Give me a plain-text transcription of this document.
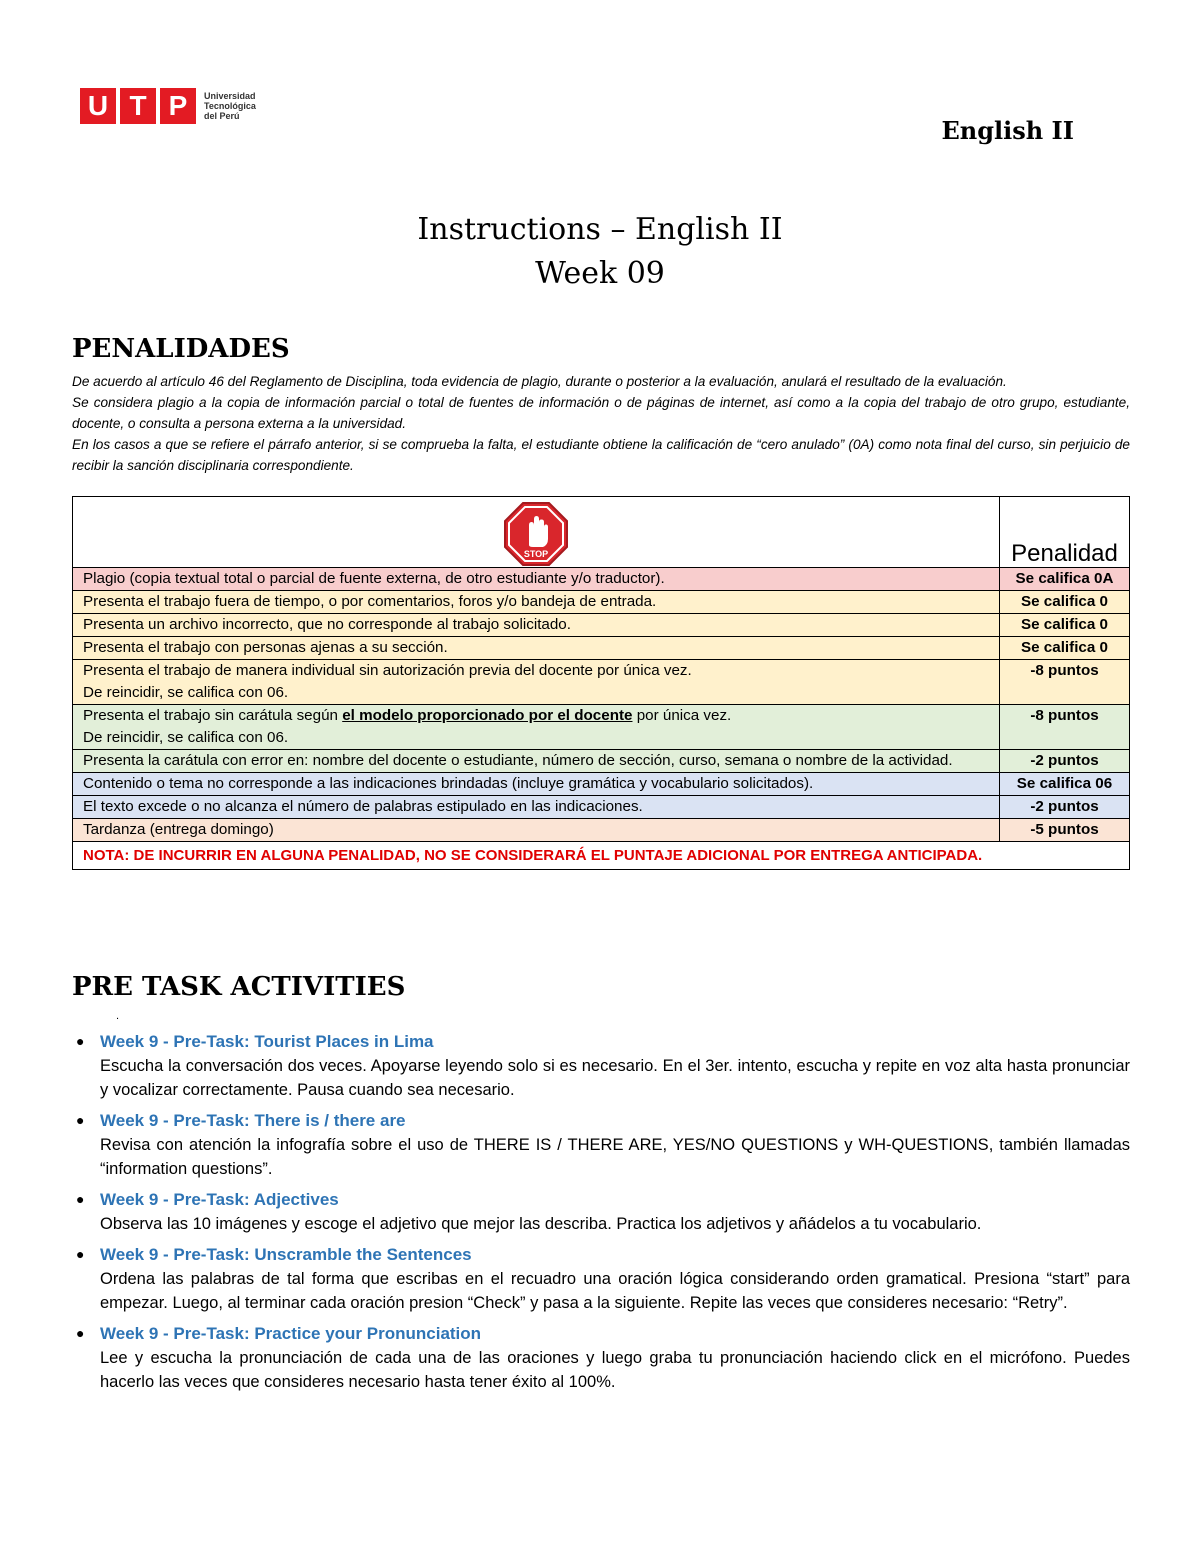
U T P	Universidad
Tecnológica
del Perú	English II
Instructions – English II
Week 09
PENALIDADES
De acuerdo al artículo 46 del Reglamento de Disciplina, toda evidencia de plagio, durante o posterior a la evaluación, anulará el resultado de la evaluación.
Se considera plagio a la copia de información parcial o total de fuentes de información o de páginas de internet, así como a la copia del trabajo de otro grupo, estudiante, docente, o consulta a persona externa a la universidad.
En los casos a que se refiere el párrafo anterior, si se comprueba la falta, el estudiante obtiene la calificación de “cero anulado” (0A) como nota final del curso, sin perjuicio de recibir la sanción disciplinaria correspondiente.
STOP	Penalidad
Plagio (copia textual total o parcial de fuente externa, de otro estudiante y/o traductor).	Se califica 0A
Presenta el trabajo fuera de tiempo, o por comentarios, foros y/o bandeja de entrada.	Se califica 0
Presenta un archivo incorrecto, que no corresponde al trabajo solicitado.	Se califica 0
Presenta el trabajo con personas ajenas a su sección.	Se califica 0

Presenta el trabajo de manera individual sin autorización previa del docente por única vez.
De reincidir, se califica con 06.	-8 puntos

Presenta el trabajo sin carátula según el modelo proporcionado por el docente por única vez.
De reincidir, se califica con 06.	-8 puntos
Presenta la carátula con error en: nombre del docente o estudiante, número de sección, curso, semana o nombre de la actividad.	-2 puntos
Contenido o tema no corresponde a las indicaciones brindadas (incluye gramática y vocabulario solicitados).	Se califica 06
El texto excede o no alcanza el número de palabras estipulado en las indicaciones.	-2 puntos
Tardanza (entrega domingo)	-5 puntos
NOTA: DE INCURRIR EN ALGUNA PENALIDAD, NO SE CONSIDERARÁ EL PUNTAJE ADICIONAL POR ENTREGA ANTICIPADA.	
PRE TASK ACTIVITIES
.
● Week 9 - Pre-Task: Tourist Places in Lima
Escucha la conversación dos veces. Apoyarse leyendo solo si es necesario. En el 3er. intento, escucha y repite en voz alta hasta pronunciar y vocalizar correctamente. Pausa cuando sea necesario.
● Week 9 - Pre-Task: There is / there are
Revisa con atención la infografía sobre el uso de THERE IS / THERE ARE, YES/NO QUESTIONS y WH-QUESTIONS, también llamadas “information questions”.
● Week 9 - Pre-Task: Adjectives
Observa las 10 imágenes y escoge el adjetivo que mejor las describa. Practica los adjetivos y añádelos a tu vocabulario.
● Week 9 - Pre-Task: Unscramble the Sentences
Ordena las palabras de tal forma que escribas en el recuadro una oración lógica considerando orden gramatical. Presiona “start” para empezar. Luego, al terminar cada oración presion “Check” y pasa a la siguiente. Repite las veces que consideres necesario: “Retry”.
● Week 9 - Pre-Task: Practice your Pronunciation
Lee y escucha la pronunciación de cada una de las oraciones y luego graba tu pronunciación haciendo click en el micrófono. Puedes hacerlo las veces que consideres necesario hasta tener éxito al 100%.
